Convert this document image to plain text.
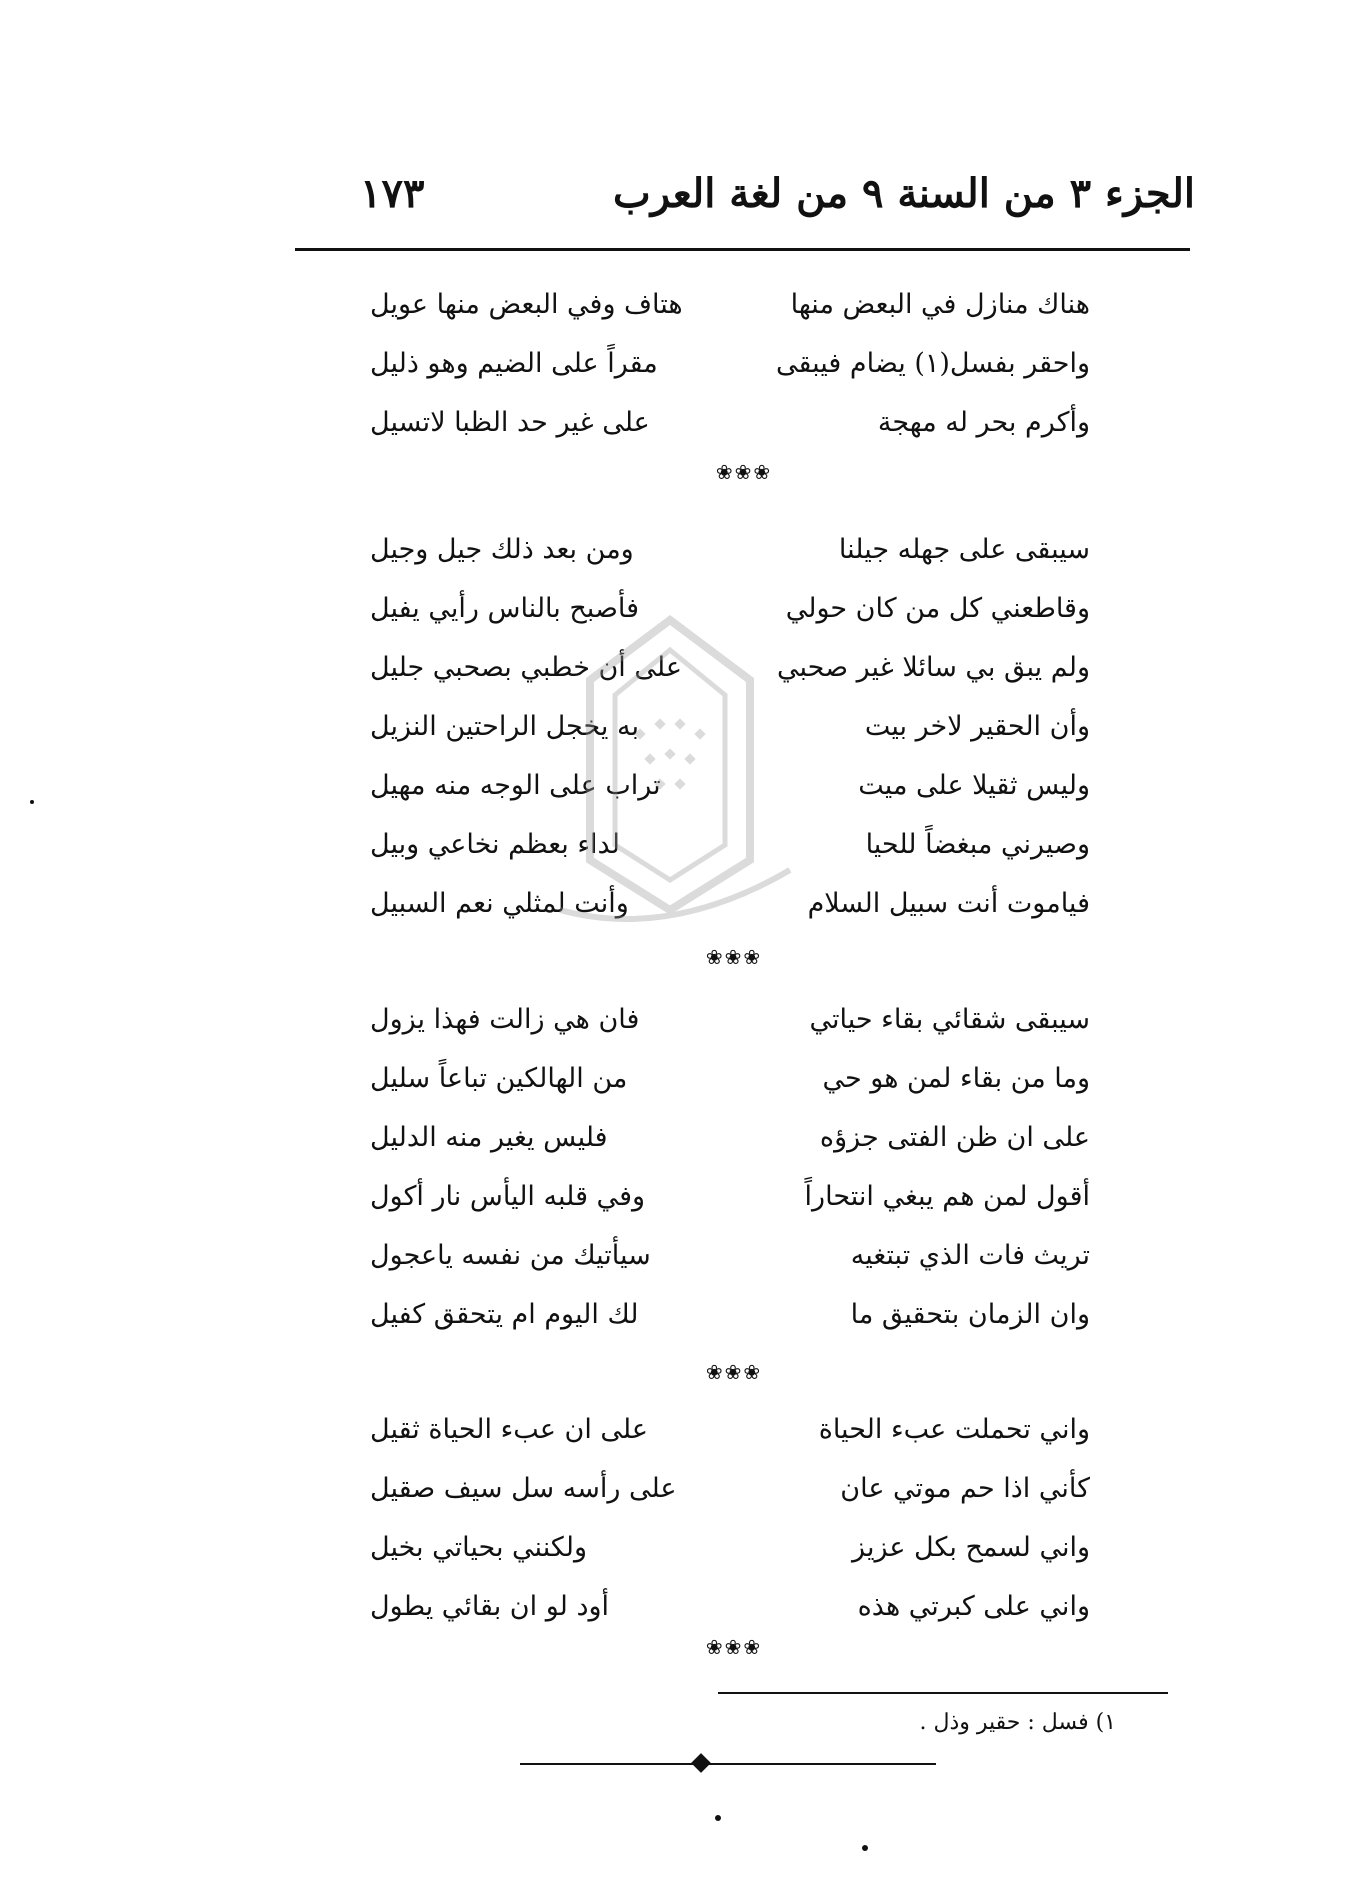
الجزء ٣ من السنة ٩ من لغة العرب
١٧٣
هناك منازل في البعض منها
هتاف وفي البعض منها عويل
واحقر بفسل(١) يضام فيبقى
مقراً على الضيم وهو ذليل
وأكرم بحر له مهجة
على غير حد الظبا لاتسيل
❀❀❀
سيبقى على جهله جيلنا
ومن بعد ذلك جيل وجيل
وقاطعني كل من كان حولي
فأصبح بالناس رأيي يفيل
ولم يبق بي سائلا غير صحبي
على أن خطبي بصحبي جليل
وأن الحقير لاخر بيت
به يخجل الراحتين النزيل
وليس ثقيلا على ميت
تراب على الوجه منه مهيل
وصيرني مبغضاً للحيا
لداء بعظم نخاعي وبيل
فياموت أنت سبيل السلام
وأنت لمثلي نعم السبيل
❀❀❀
سيبقى شقائي بقاء حياتي
فان هي زالت فهذا يزول
وما من بقاء لمن هو حي
من الهالكين تباعاً سليل
على ان ظن الفتى جزؤه
فليس يغير منه الدليل
أقول لمن هم يبغي انتحاراً
وفي قلبه اليأس نار أكول
تريث فات الذي تبتغيه
سيأتيك من نفسه ياعجول
وان الزمان بتحقيق ما
لك اليوم ام يتحقق كفيل
❀❀❀
واني تحملت عبء الحياة
على ان عبء الحياة ثقيل
كأني اذا حم موتي عان
على رأسه سل سيف صقيل
واني لسمح بكل عزيز
ولكنني بحياتي بخيل
واني على كبرتي هذه
أود لو ان بقائي يطول
❀❀❀
١) فسل : حقير وذل .
